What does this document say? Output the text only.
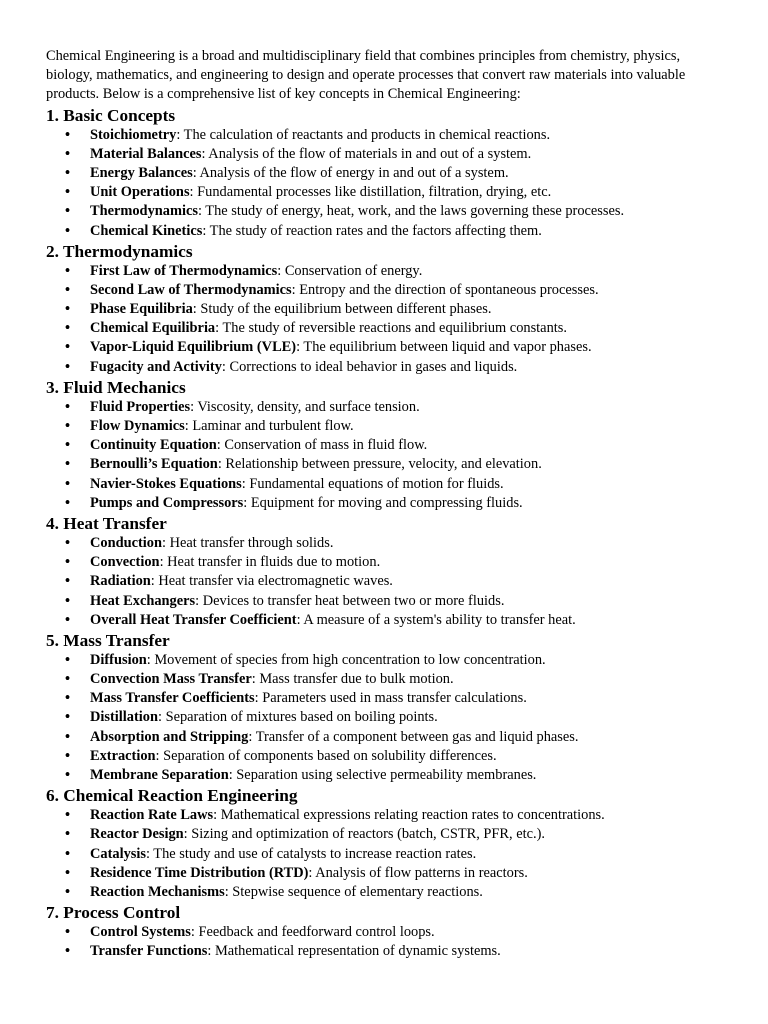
Chemical Engineering is a broad and multidisciplinary field that combines principles from chemistry, physics, biology, mathematics, and engineering to design and operate processes that convert raw materials into valuable products. Below is a comprehensive list of key concepts in Chemical Engineering:

1. Basic Concepts
• Stoichiometry: The calculation of reactants and products in chemical reactions.
• Material Balances: Analysis of the flow of materials in and out of a system.
• Energy Balances: Analysis of the flow of energy in and out of a system.
• Unit Operations: Fundamental processes like distillation, filtration, drying, etc.
• Thermodynamics: The study of energy, heat, work, and the laws governing these processes.
• Chemical Kinetics: The study of reaction rates and the factors affecting them.
2. Thermodynamics
• First Law of Thermodynamics: Conservation of energy.
• Second Law of Thermodynamics: Entropy and the direction of spontaneous processes.
• Phase Equilibria: Study of the equilibrium between different phases.
• Chemical Equilibria: The study of reversible reactions and equilibrium constants.
• Vapor-Liquid Equilibrium (VLE): The equilibrium between liquid and vapor phases.
• Fugacity and Activity: Corrections to ideal behavior in gases and liquids.
3. Fluid Mechanics
• Fluid Properties: Viscosity, density, and surface tension.
• Flow Dynamics: Laminar and turbulent flow.
• Continuity Equation: Conservation of mass in fluid flow.
• Bernoulli’s Equation: Relationship between pressure, velocity, and elevation.
• Navier-Stokes Equations: Fundamental equations of motion for fluids.
• Pumps and Compressors: Equipment for moving and compressing fluids.
4. Heat Transfer
• Conduction: Heat transfer through solids.
• Convection: Heat transfer in fluids due to motion.
• Radiation: Heat transfer via electromagnetic waves.
• Heat Exchangers: Devices to transfer heat between two or more fluids.
• Overall Heat Transfer Coefficient: A measure of a system's ability to transfer heat.
5. Mass Transfer
• Diffusion: Movement of species from high concentration to low concentration.
• Convection Mass Transfer: Mass transfer due to bulk motion.
• Mass Transfer Coefficients: Parameters used in mass transfer calculations.
• Distillation: Separation of mixtures based on boiling points.
• Absorption and Stripping: Transfer of a component between gas and liquid phases.
• Extraction: Separation of components based on solubility differences.
• Membrane Separation: Separation using selective permeability membranes.
6. Chemical Reaction Engineering
• Reaction Rate Laws: Mathematical expressions relating reaction rates to concentrations.
• Reactor Design: Sizing and optimization of reactors (batch, CSTR, PFR, etc.).
• Catalysis: The study and use of catalysts to increase reaction rates.
• Residence Time Distribution (RTD): Analysis of flow patterns in reactors.
• Reaction Mechanisms: Stepwise sequence of elementary reactions.
7. Process Control
• Control Systems: Feedback and feedforward control loops.
• Transfer Functions: Mathematical representation of dynamic systems.
